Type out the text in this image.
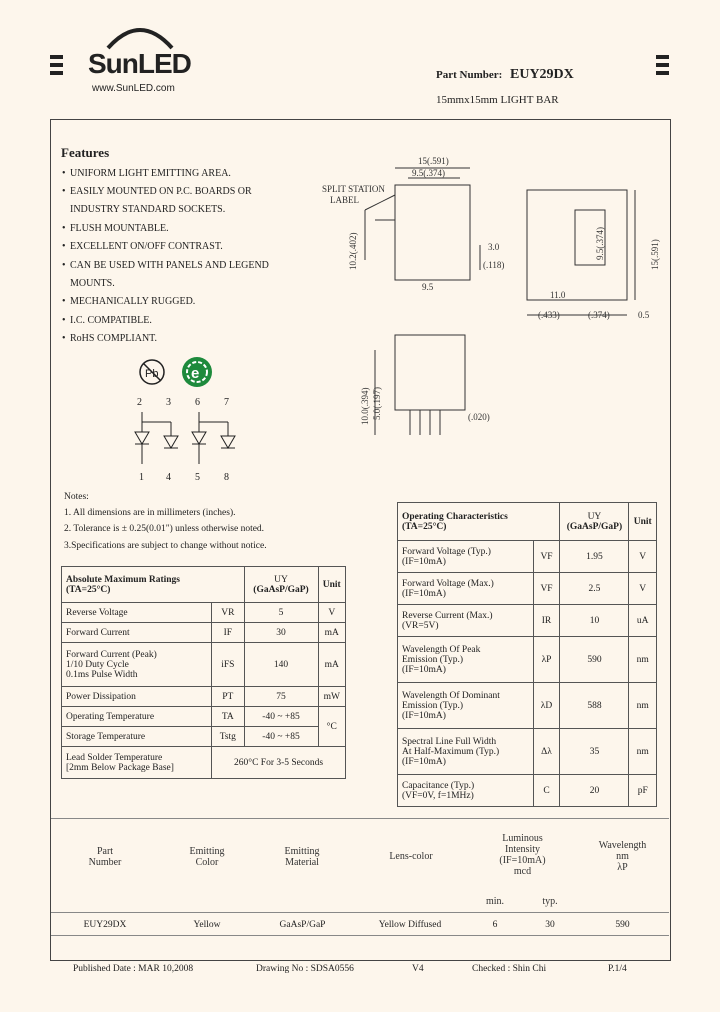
SunLED
www.SunLED.com
Part Number: EUY29DX
15mmx15mm LIGHT BAR
Features
• UNIFORM LIGHT EMITTING AREA.
• EASILY MOUNTED ON P.C. BOARDS OR
INDUSTRY STANDARD SOCKETS.
• FLUSH MOUNTABLE.
• EXCELLENT ON/OFF CONTRAST.
• CAN BE USED WITH PANELS AND LEGEND
MOUNTS.
• MECHANICALLY RUGGED.
• I.C. COMPATIBLE.
• RoHS COMPLIANT.
Pb e
2 3 6 7
1 4 5 8
15(.591)
9.5(.374)
SPLIT STATION
LABEL
10.2(.402)	3.0
(.118)
9.5
11.0
(.433)	(.374)	0.5
15(.591)
9.5(.374)
5.0(.197)	(.020)
10.0(.394)
Notes:
1. All dimensions are in millimeters (inches).
2. Tolerance is ± 0.25(0.01") unless otherwise noted.
3.Specifications are subject to change without notice.
Absolute Maximum Ratings
(TA=25°C)		UY
(GaAsP/GaP)	Unit
Reverse Voltage	VR	5	V
Forward Current	IF	30	mA
Forward Current (Peak)
1/10 Duty Cycle
0.1ms Pulse Width	iFS	140	mA
Power Dissipation	PT	75	mW
Operating Temperature	TA	-40 ~ +85	°C
Storage Temperature	Tstg	-40 ~ +85	
Lead Solder Temperature
[2mm Below Package Base]	260°C For 3-5 Seconds		
Operating Characteristics
(TA=25°C)		UY
(GaAsP/GaP)	Unit
Forward Voltage (Typ.)
(IF=10mA)	VF	1.95	V
Forward Voltage (Max.)
(IF=10mA)	VF	2.5	V
Reverse Current (Max.)
(VR=5V)	IR	10	uA
Wavelength Of Peak
Emission (Typ.)
(IF=10mA)	λP	590	nm
Wavelength Of Dominant
Emission (Typ.)
(IF=10mA)	λD	588	nm
Spectral Line Full Width
At Half-Maximum (Typ.)
(IF=10mA)	Δλ	35	nm
Capacitance (Typ.)
(VF=0V, f=1MHz)	C	20	pF
Part
Number
Emitting
Color
Emitting
Material
Lens-color
Luminous
Intensity
(IF=10mA)
mcd
Wavelength
nm
λP
min.	typ.
EUY29DX	Yellow	GaAsP/GaP	Yellow Diffused	6	30	590
Published Date : MAR 10,2008	Drawing No : SDSA0556	V4	Checked : Shin Chi	P.1/4
